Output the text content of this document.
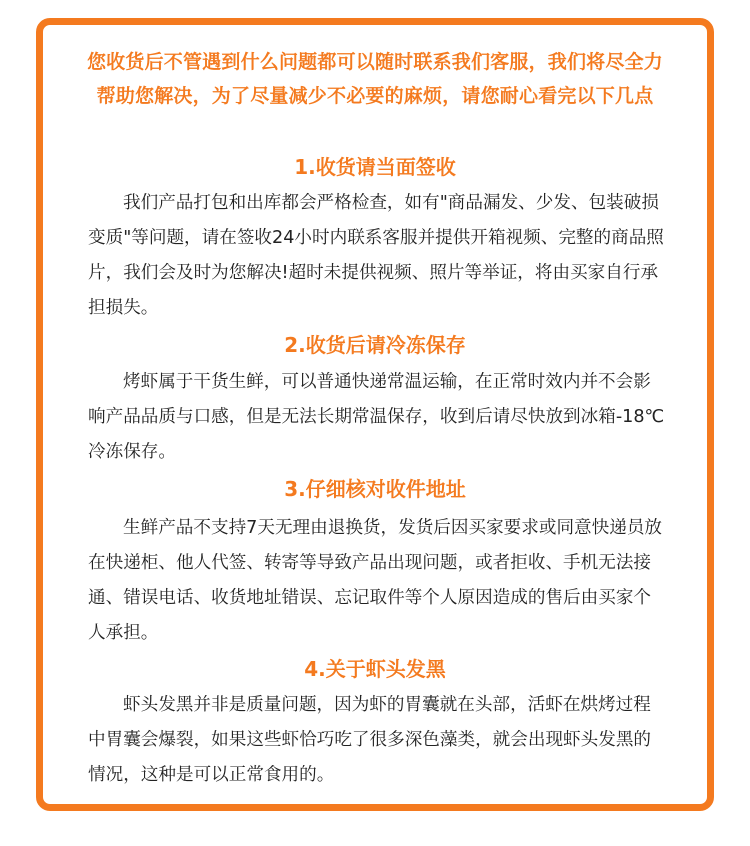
您收货后不管遇到什么问题都可以随时联系我们客服，我们将尽全力
帮助您解决，为了尽量减少不必要的麻烦，请您耐心看完以下几点
1.收货请当面签收
我们产品打包和出库都会严格检查，如有"商品漏发、少发、包装破损
变质"等问题，请在签收24小时内联系客服并提供开箱视频、完整的商品照
片，我们会及时为您解决!超时未提供视频、照片等举证，将由买家自行承
担损失。
2.收货后请冷冻保存
烤虾属于干货生鲜，可以普通快递常温运输，在正常时效内并不会影
响产品品质与口感，但是无法长期常温保存，收到后请尽快放到冰箱-18℃
冷冻保存。
3.仔细核对收件地址
生鲜产品不支持7天无理由退换货，发货后因买家要求或同意快递员放
在快递柜、他人代签、转寄等导致产品出现问题，或者拒收、手机无法接
通、错误电话、收货地址错误、忘记取件等个人原因造成的售后由买家个
人承担。
4.关于虾头发黑
虾头发黑并非是质量问题，因为虾的胃囊就在头部，活虾在烘烤过程
中胃囊会爆裂，如果这些虾恰巧吃了很多深色藻类，就会出现虾头发黑的
情况，这种是可以正常食用的。
